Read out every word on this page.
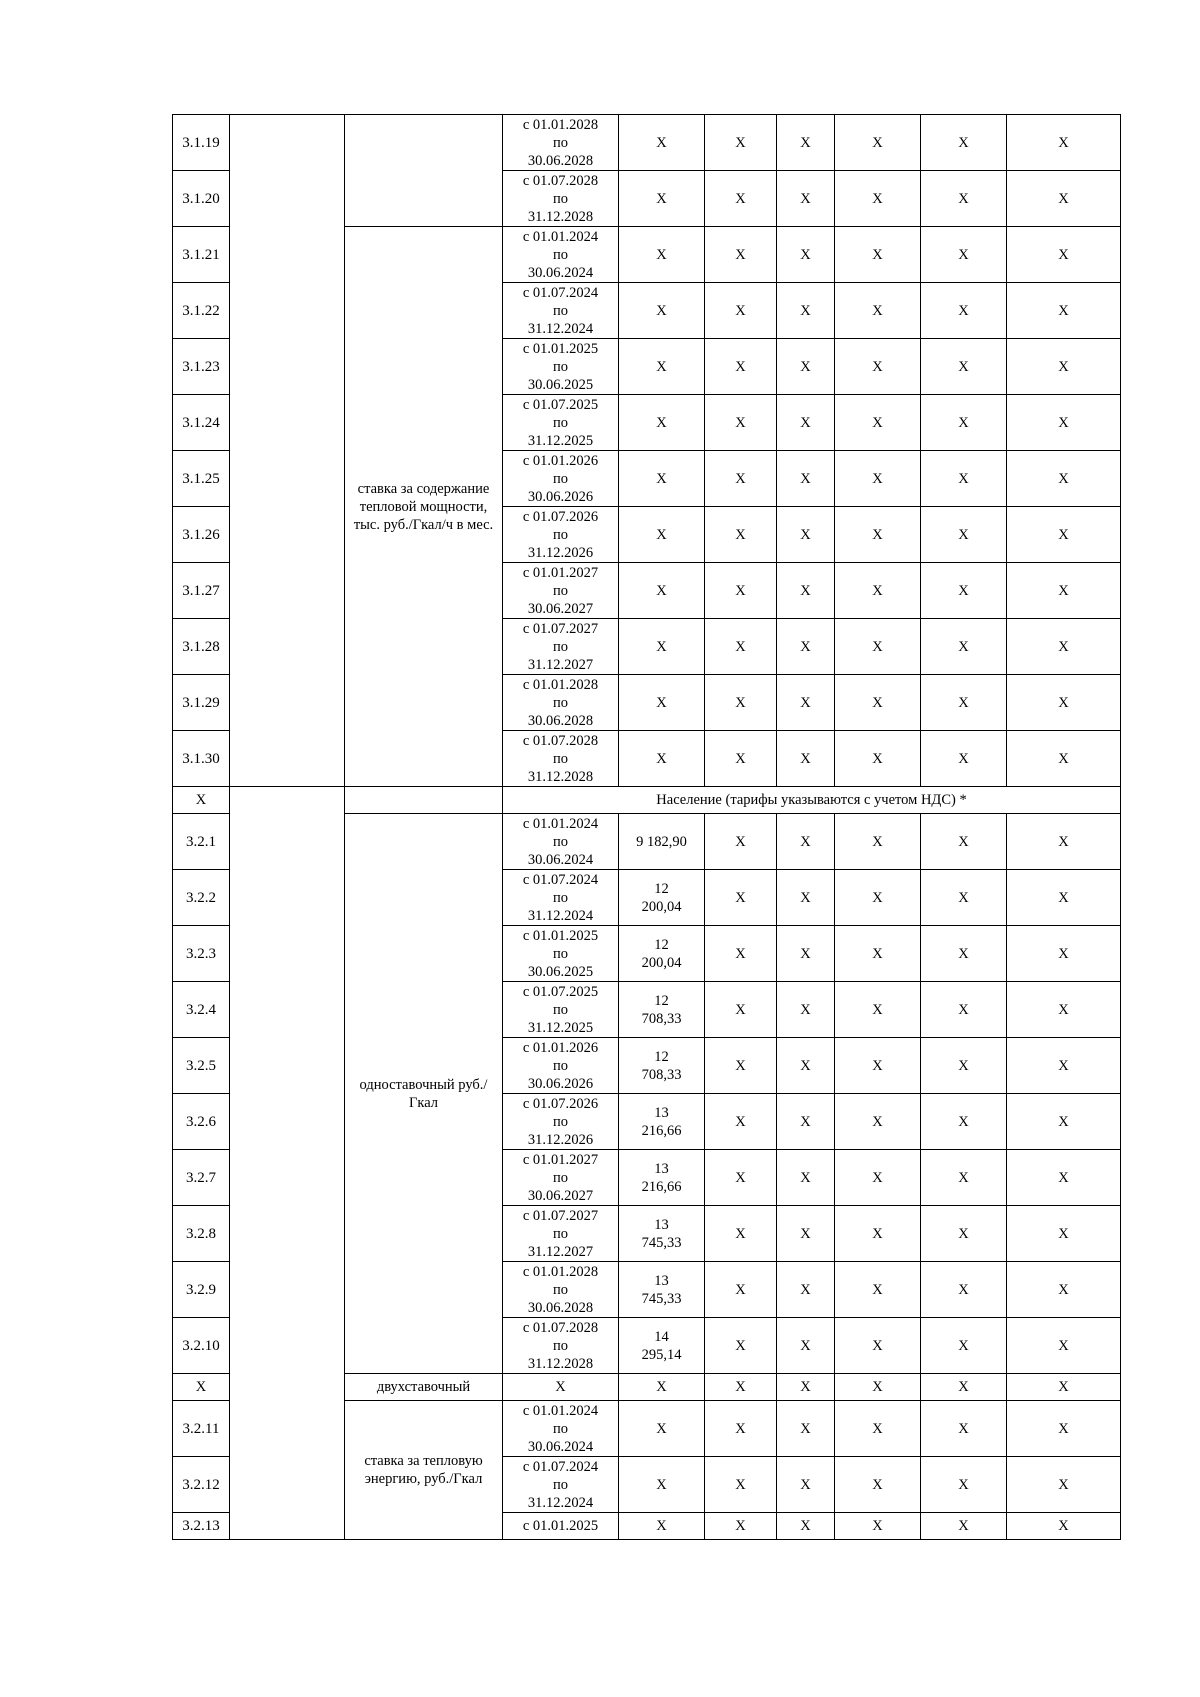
3.1.19			с 01.01.2028
по
30.06.2028	X	X	X	X	X	X
3.1.20			с 01.07.2028
по
31.12.2028	X	X	X	X	X	X
3.1.21		ставка за содержание тепловой мощности, тыс. руб./Гкал/ч в мес.	с 01.01.2024
по
30.06.2024	X	X	X	X	X	X
3.1.22			с 01.07.2024
по
31.12.2024	X	X	X	X	X	X
3.1.23			с 01.01.2025
по
30.06.2025	X	X	X	X	X	X
3.1.24			с 01.07.2025
по
31.12.2025	X	X	X	X	X	X
3.1.25			с 01.01.2026
по
30.06.2026	X	X	X	X	X	X
3.1.26			с 01.07.2026
по
31.12.2026	X	X	X	X	X	X
3.1.27			с 01.01.2027
по
30.06.2027	X	X	X	X	X	X
3.1.28			с 01.07.2027
по
31.12.2027	X	X	X	X	X	X
3.1.29			с 01.01.2028
по
30.06.2028	X	X	X	X	X	X
3.1.30			с 01.07.2028
по
31.12.2028	X	X	X	X	X	X
X			Население (тарифы указываются с учетом НДС) *						
3.2.1		одноставочный руб./Гкал	с 01.01.2024
по
30.06.2024	9 182,90	X	X	X	X	X
3.2.2			с 01.07.2024
по
31.12.2024	12
200,04	X	X	X	X	X
3.2.3			с 01.01.2025
по
30.06.2025	12
200,04	X	X	X	X	X
3.2.4			с 01.07.2025
по
31.12.2025	12
708,33	X	X	X	X	X
3.2.5			с 01.01.2026
по
30.06.2026	12
708,33	X	X	X	X	X
3.2.6			с 01.07.2026
по
31.12.2026	13
216,66	X	X	X	X	X
3.2.7			с 01.01.2027
по
30.06.2027	13
216,66	X	X	X	X	X
3.2.8			с 01.07.2027
по
31.12.2027	13
745,33	X	X	X	X	X
3.2.9			с 01.01.2028
по
30.06.2028	13
745,33	X	X	X	X	X
3.2.10			с 01.07.2028
по
31.12.2028	14
295,14	X	X	X	X	X
X		двухставочный	X	X	X	X	X	X	X
3.2.11		ставка за тепловую энергию, руб./Гкал	с 01.01.2024
по
30.06.2024	X	X	X	X	X	X
3.2.12			с 01.07.2024
по
31.12.2024	X	X	X	X	X	X
3.2.13			с 01.01.2025	X	X	X	X	X	X
